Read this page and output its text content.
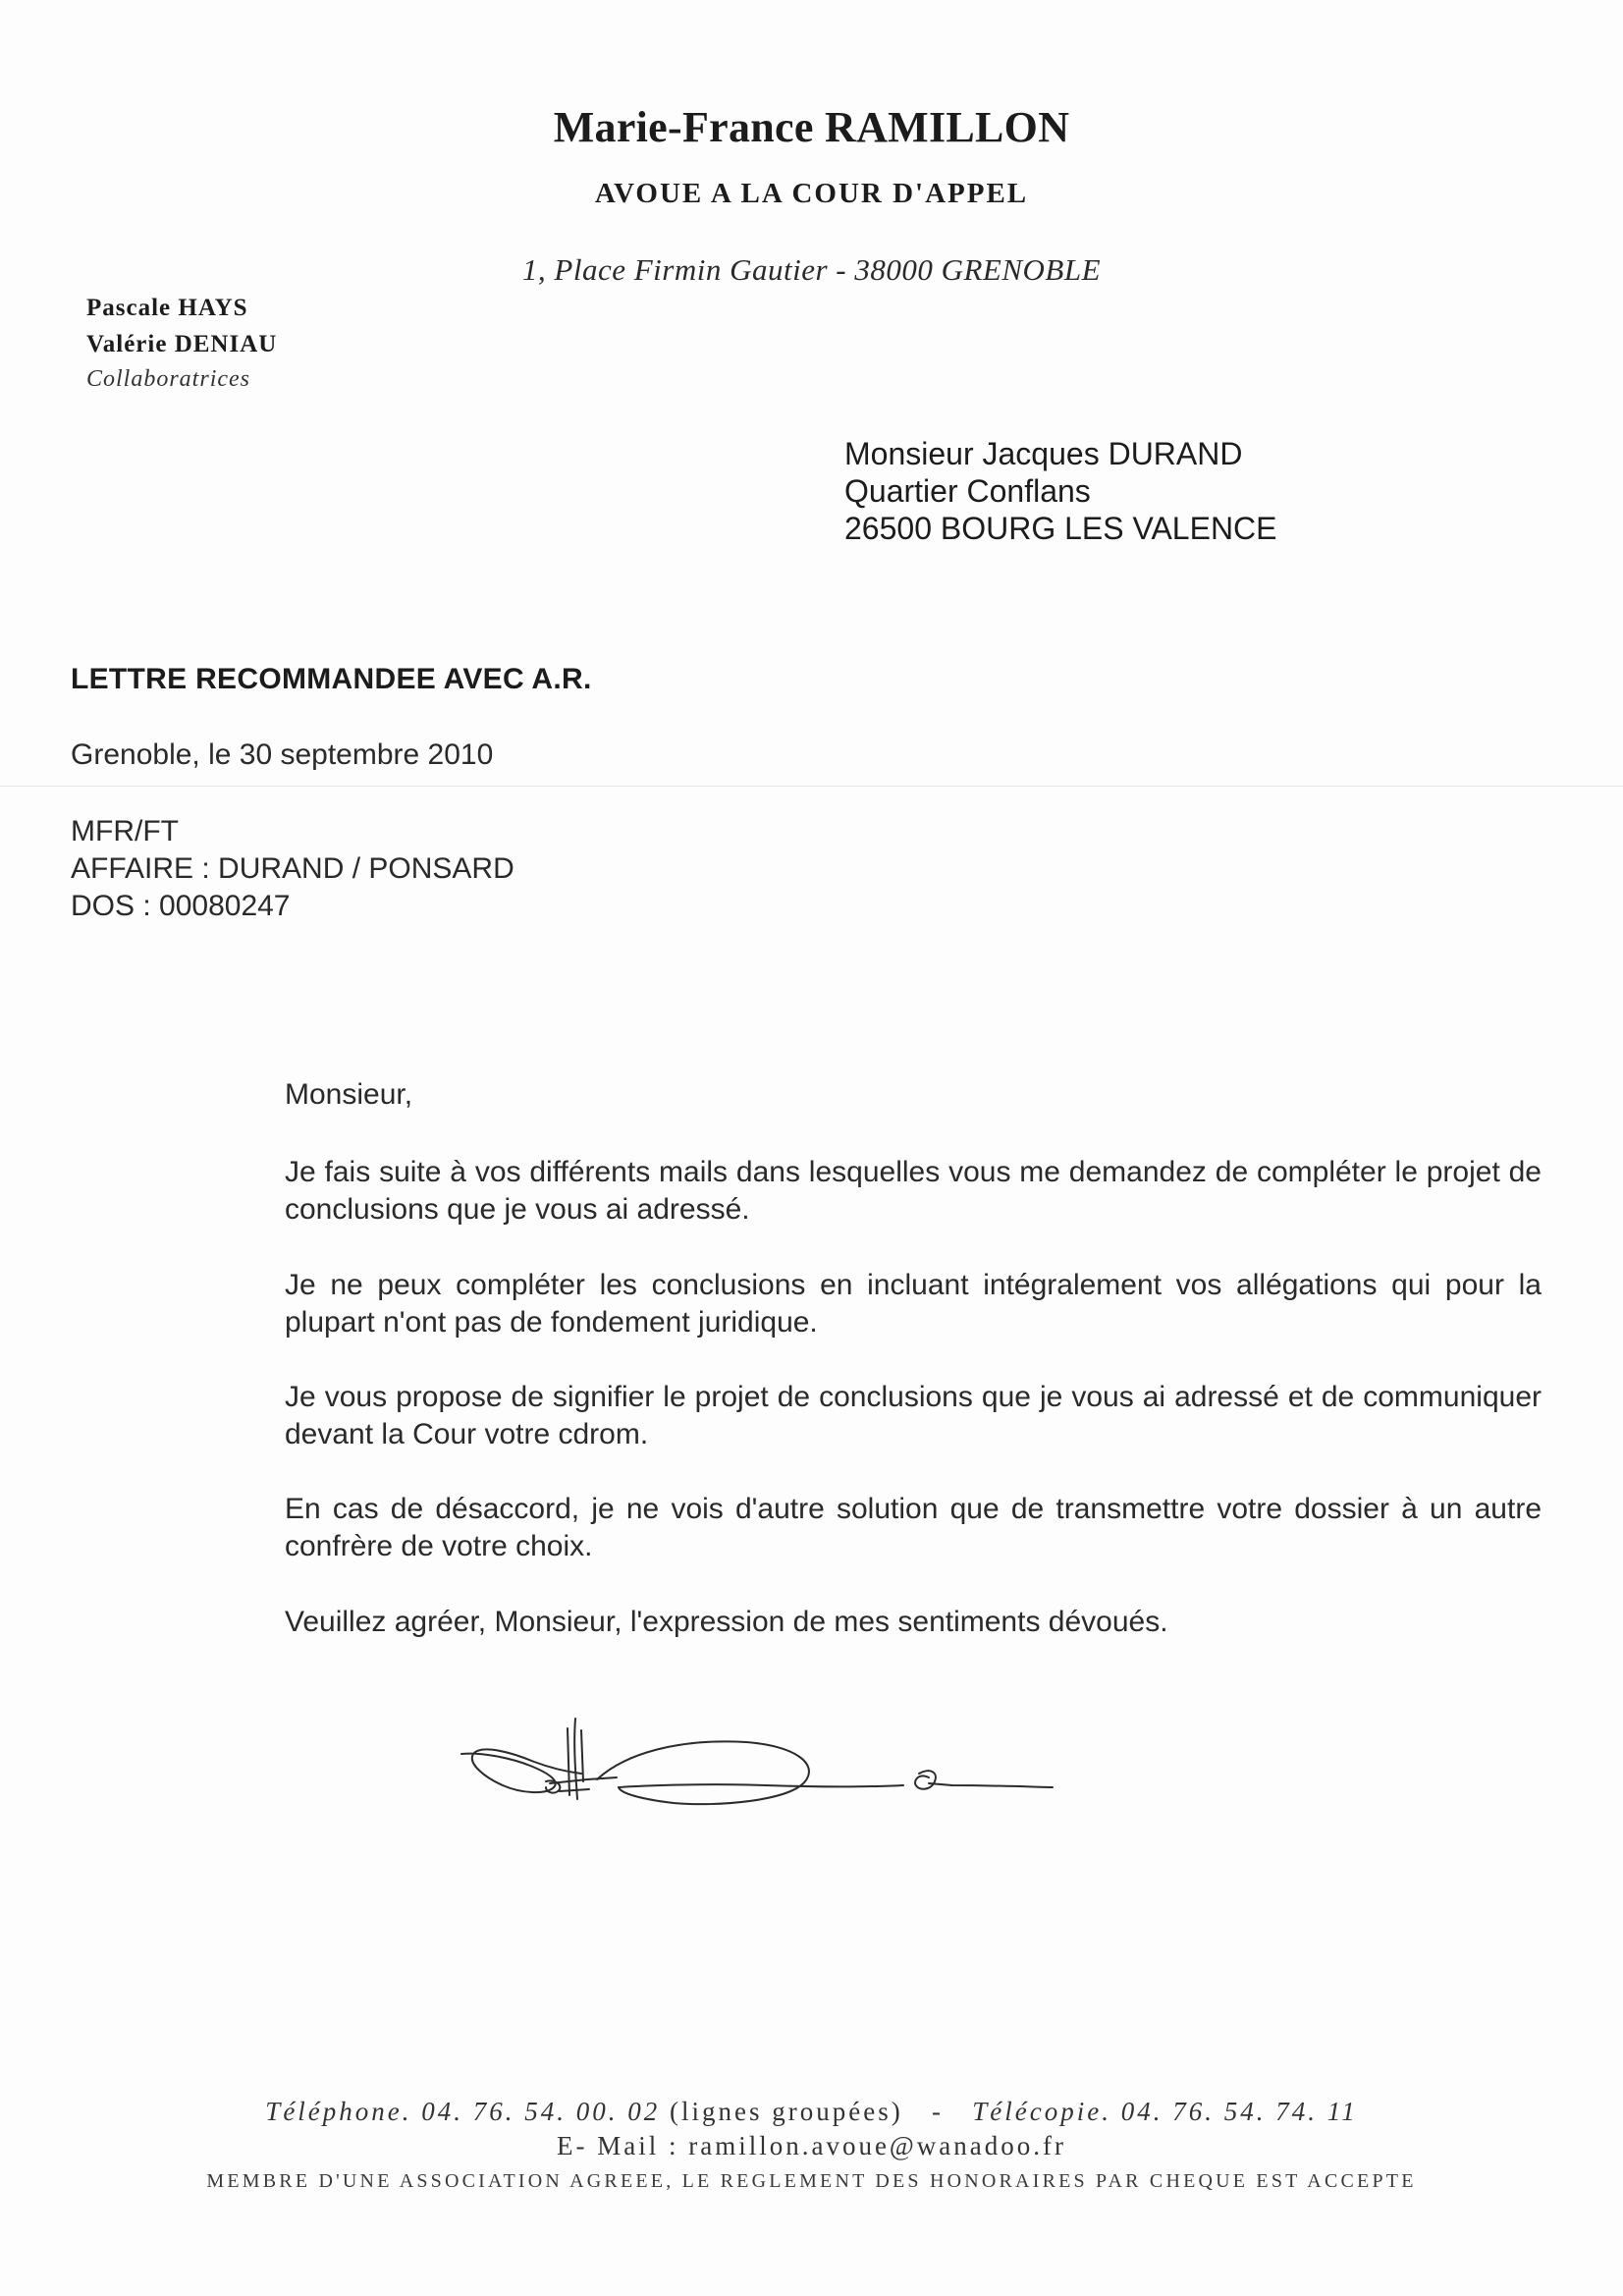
Marie-France RAMILLON
AVOUE A LA COUR D'APPEL
1, Place Firmin Gautier - 38000 GRENOBLE
Pascale HAYS
Valérie DENIAU
Collaboratrices
Monsieur Jacques DURAND
Quartier Conflans
26500 BOURG LES VALENCE
LETTRE RECOMMANDEE AVEC A.R.
Grenoble, le 30 septembre 2010
MFR/FT
AFFAIRE : DURAND / PONSARD
DOS : 00080247
Monsieur,
Je fais suite à vos différents mails dans lesquelles vous me demandez de compléter le projet de conclusions que je vous ai adressé.
Je ne peux compléter les conclusions en incluant intégralement vos allégations qui pour la plupart n'ont pas de fondement juridique.
Je vous propose de signifier le projet de conclusions que je vous ai adressé et de communiquer devant la Cour votre cdrom.
En cas de désaccord, je ne vois d'autre solution que de transmettre votre dossier à un autre confrère de votre choix.
Veuillez agréer, Monsieur, l'expression de mes sentiments dévoués.
Téléphone. 04. 76. 54. 00. 02 (lignes groupées) - Télécopie. 04. 76. 54. 74. 11
E- Mail : ramillon.avoue@wanadoo.fr
MEMBRE D'UNE ASSOCIATION AGREEE, LE REGLEMENT DES HONORAIRES PAR CHEQUE EST ACCEPTE
